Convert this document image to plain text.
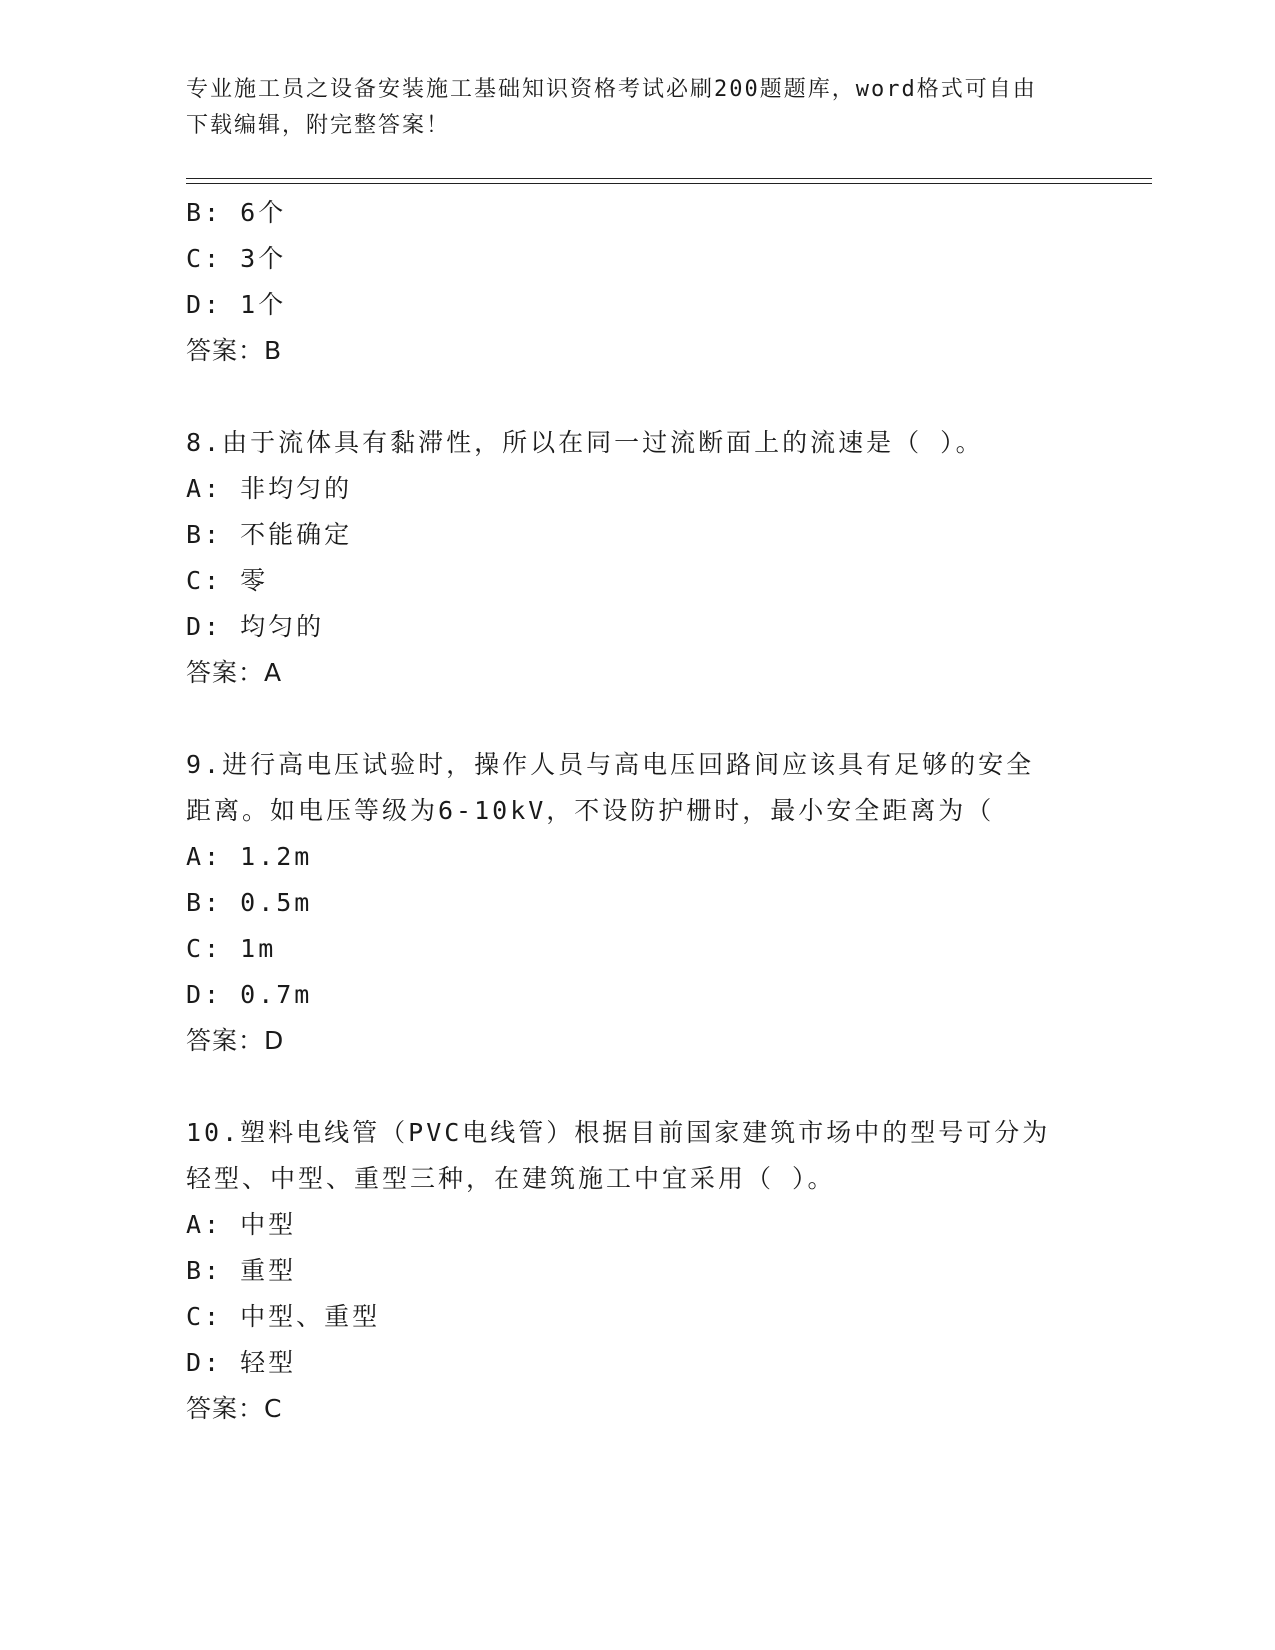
专业施工员之设备安装施工基础知识资格考试必刷200题题库，word格式可自由
下载编辑，附完整答案！
B: 6个
C: 3个
D: 1个
答案：B
8.由于流体具有黏滞性，所以在同一过流断面上的流速是（ ）。
A: 非均匀的
B: 不能确定
C: 零
D: 均匀的
答案：A
9.进行高电压试验时，操作人员与高电压回路间应该具有足够的安全
距离。如电压等级为6-10kV，不设防护栅时，最小安全距离为（
A: 1.2m
B: 0.5m
C: 1m
D: 0.7m
答案：D
10.塑料电线管（PVC电线管）根据目前国家建筑市场中的型号可分为
轻型、中型、重型三种，在建筑施工中宜采用（ ）。
A: 中型
B: 重型
C: 中型、重型
D: 轻型
答案：C
